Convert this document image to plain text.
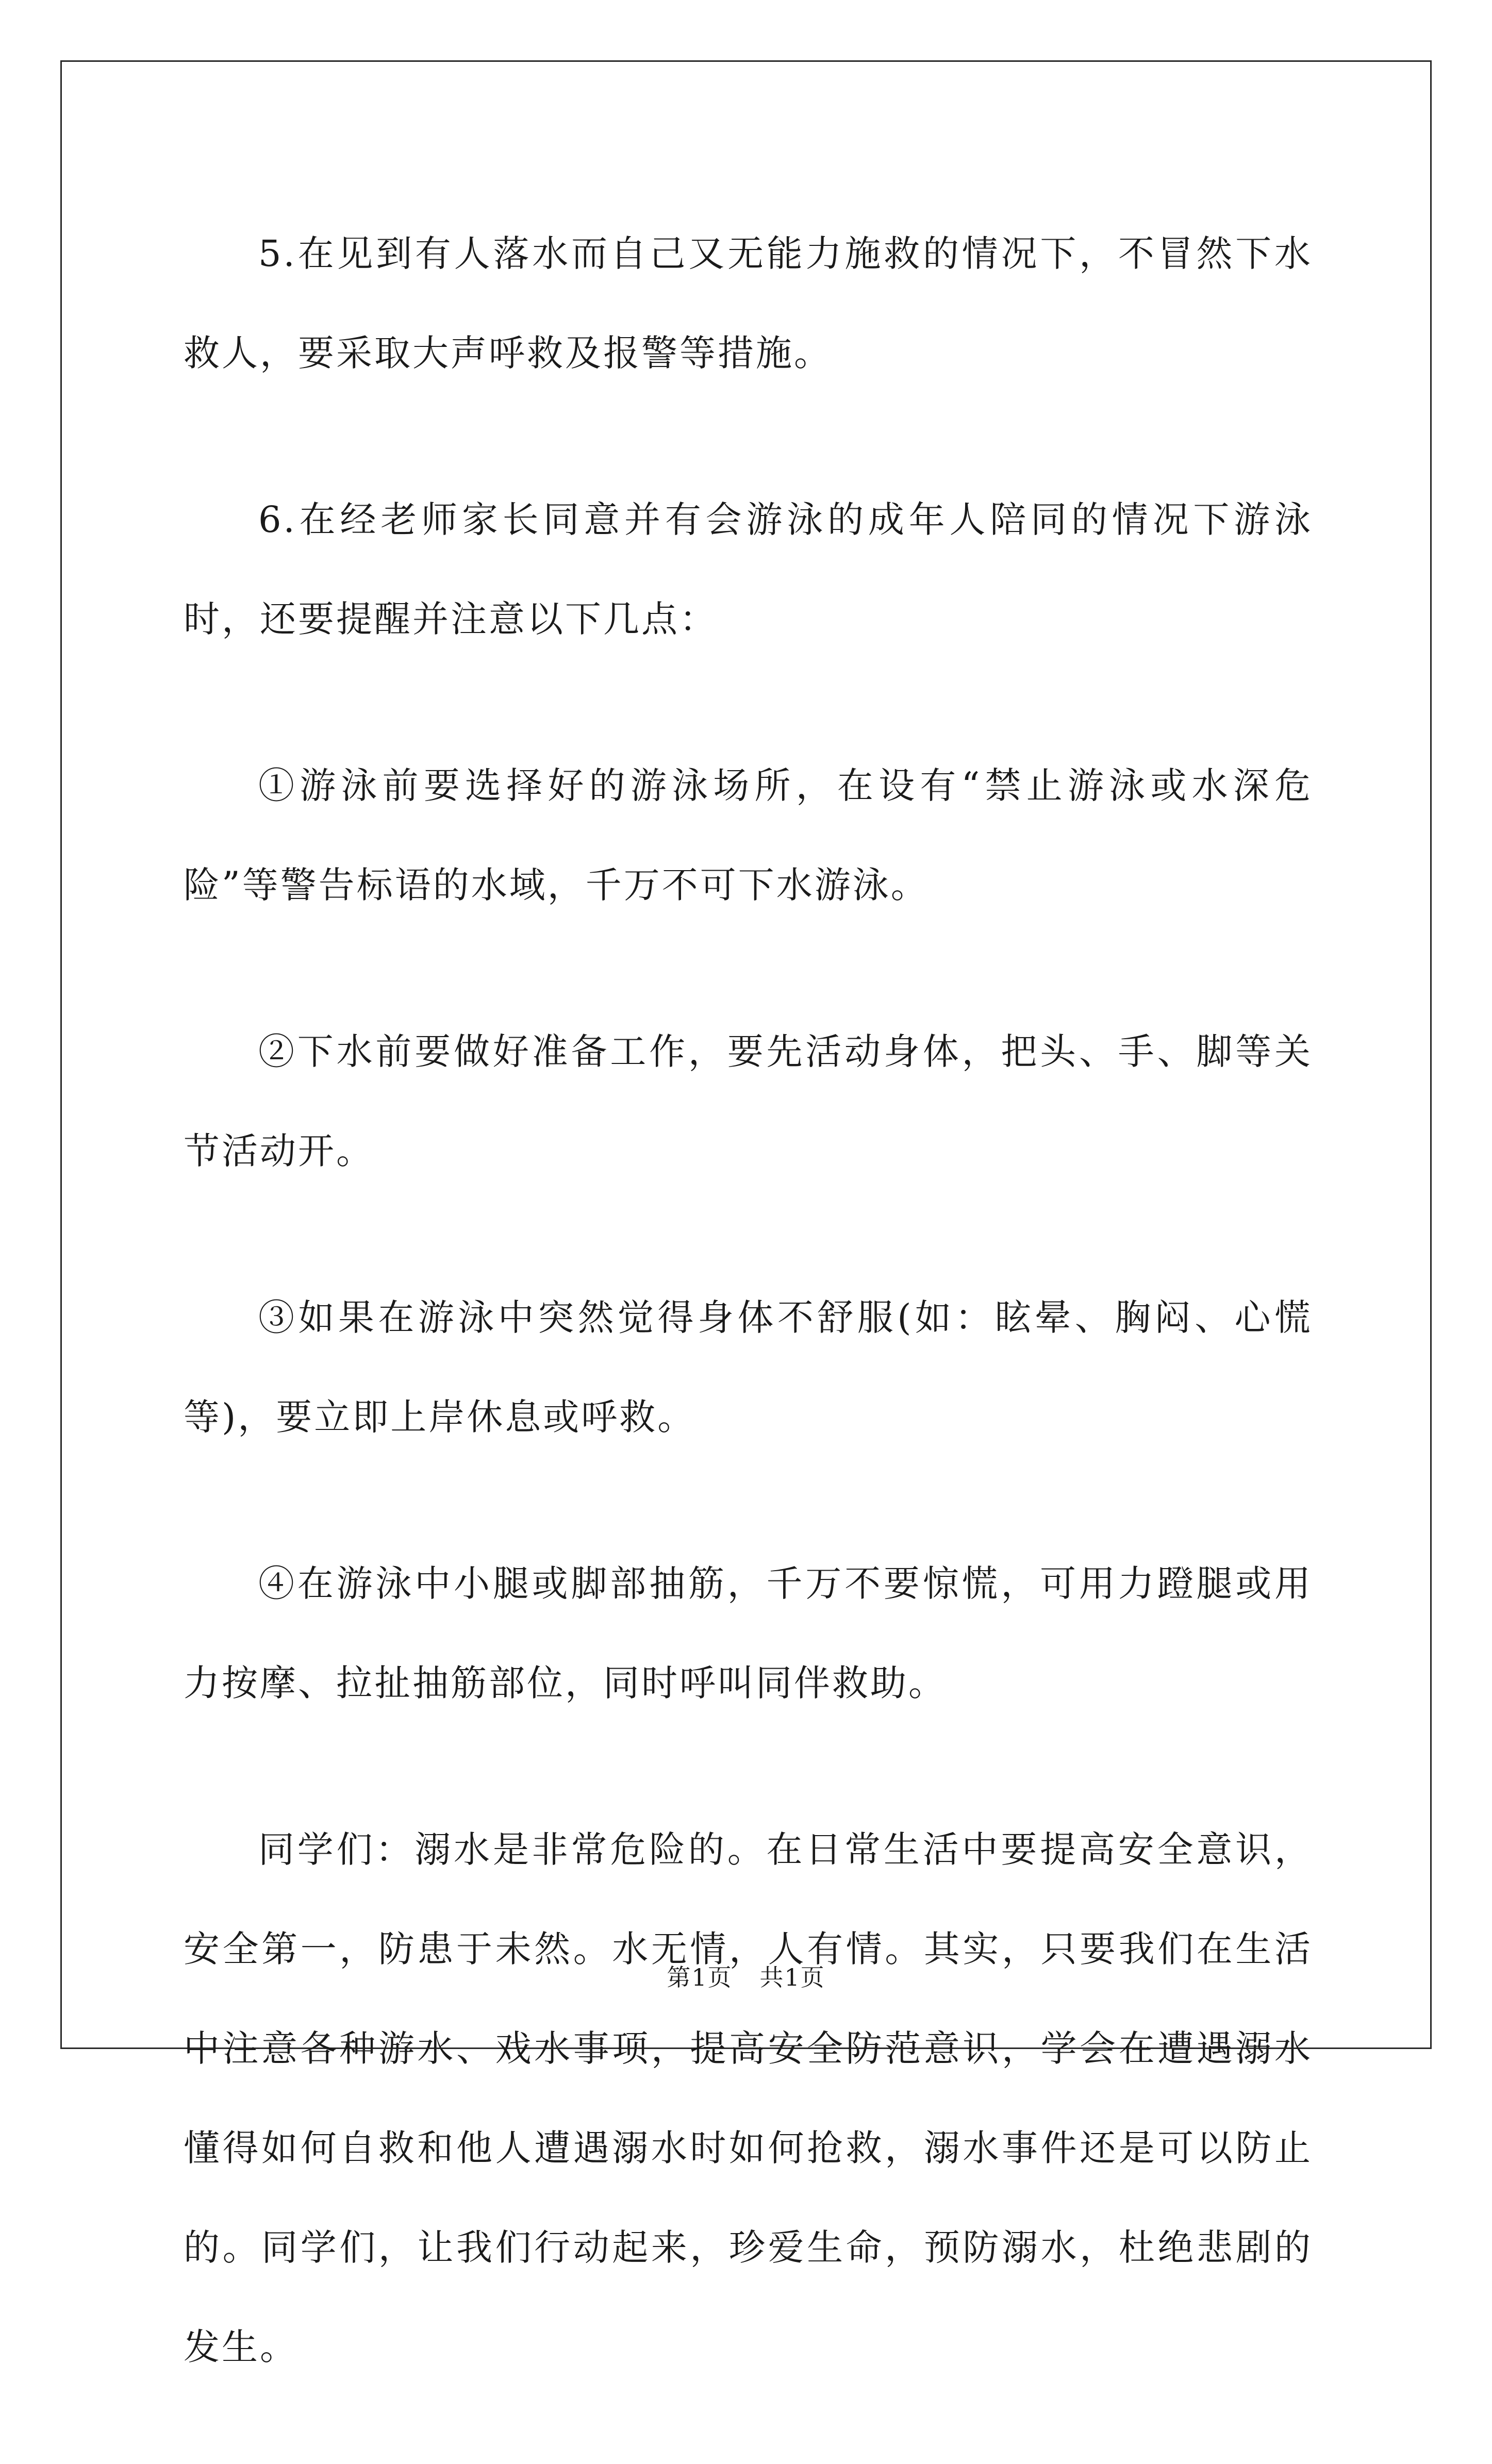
5.在见到有人落水而自己又无能力施救的情况下，不冒然下水救人，要采取大声呼救及报警等措施。

6.在经老师家长同意并有会游泳的成年人陪同的情况下游泳时，还要提醒并注意以下几点：

①游泳前要选择好的游泳场所，在设有“禁止游泳或水深危险”等警告标语的水域，千万不可下水游泳。

②下水前要做好准备工作，要先活动身体，把头、手、脚等关节活动开。

③如果在游泳中突然觉得身体不舒服(如：眩晕、胸闷、心慌等)，要立即上岸休息或呼救。

④在游泳中小腿或脚部抽筋，千万不要惊慌，可用力蹬腿或用力按摩、拉扯抽筋部位，同时呼叫同伴救助。

同学们：溺水是非常危险的。在日常生活中要提高安全意识，安全第一，防患于未然。水无情，人有情。其实，只要我们在生活中注意各种游水、戏水事项，提高安全防范意识，学会在遭遇溺水懂得如何自救和他人遭遇溺水时如何抢救，溺水事件还是可以防止的。同学们，让我们行动起来，珍爱生命，预防溺水，杜绝悲剧的发生。

第1页 共1页
